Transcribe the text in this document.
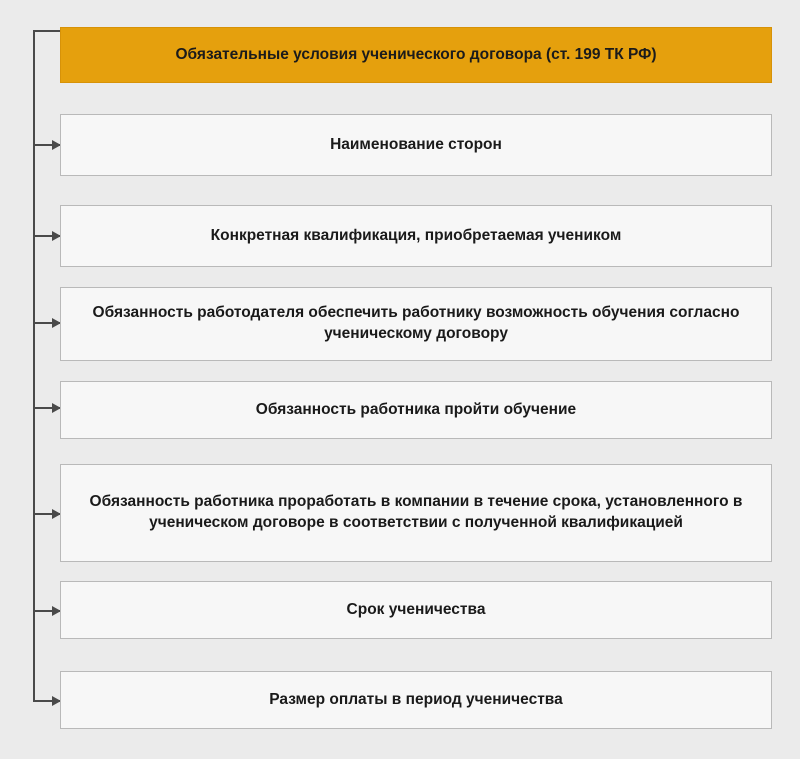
Обязательные условия ученического договора (ст. 199 ТК РФ)
Наименование сторон
Конкретная квалификация, приобретаемая учеником
Обязанность работодателя обеспечить работнику возможность обучения согласно ученическому договору
Обязанность работника пройти обучение
Обязанность работника проработать в компании в течение срока, установленного в ученическом договоре в соответствии с полученной квалификацией
Срок ученичества
Размер оплаты в период ученичества
